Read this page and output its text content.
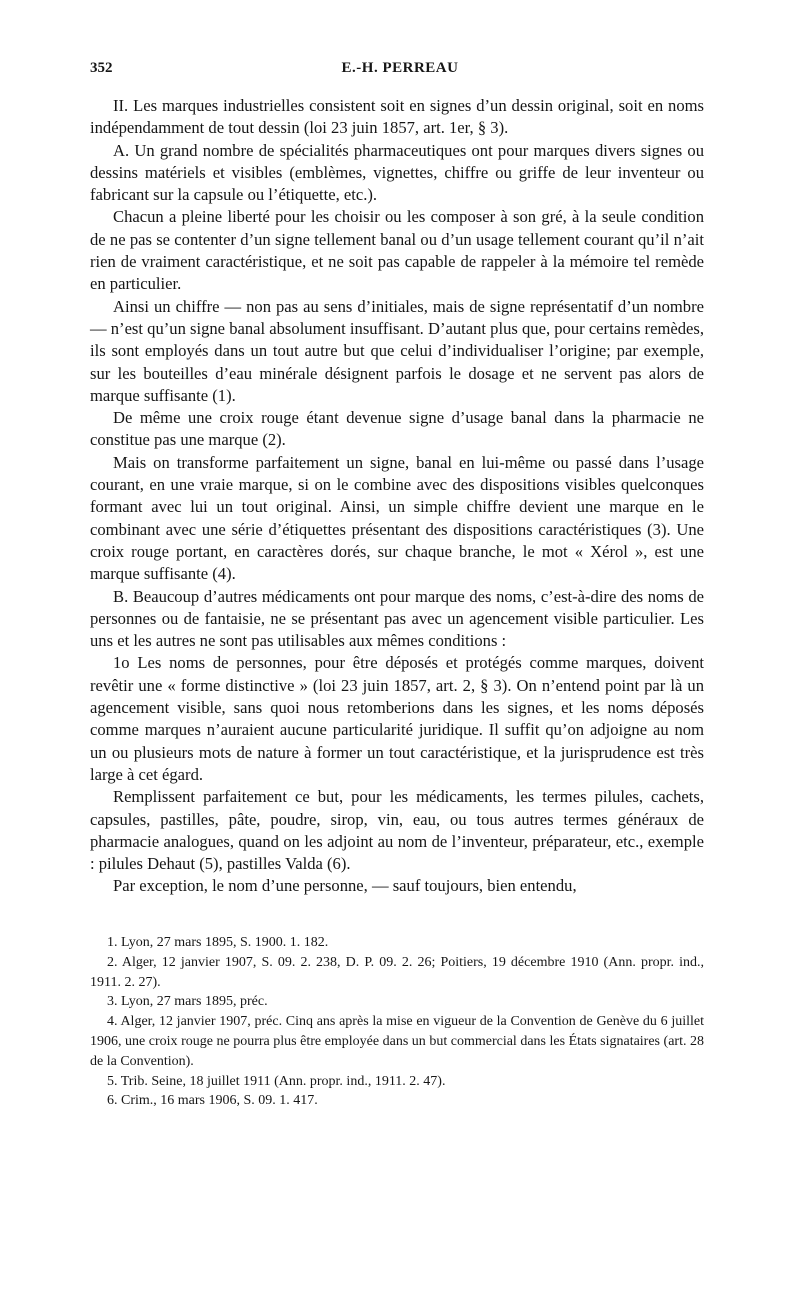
352	E.-H. PERREAU

II. Les marques industrielles consistent soit en signes d’un dessin original, soit en noms indépendamment de tout dessin (loi 23 juin 1857, art. 1er, § 3).

A. Un grand nombre de spécialités pharmaceutiques ont pour marques divers signes ou dessins matériels et visibles (emblèmes, vignettes, chiffre ou griffe de leur inventeur ou fabricant sur la capsule ou l’étiquette, etc.).

Chacun a pleine liberté pour les choisir ou les composer à son gré, à la seule condition de ne pas se contenter d’un signe tellement banal ou d’un usage tellement courant qu’il n’ait rien de vraiment caractéristique, et ne soit pas capable de rappeler à la mémoire tel remède en particulier.

Ainsi un chiffre — non pas au sens d’initiales, mais de signe représentatif d’un nombre — n’est qu’un signe banal absolument insuffisant. D’autant plus que, pour certains remèdes, ils sont employés dans un tout autre but que celui d’individualiser l’origine; par exemple, sur les bouteilles d’eau minérale désignent parfois le dosage et ne servent pas alors de marque suffisante (1).

De même une croix rouge étant devenue signe d’usage banal dans la pharmacie ne constitue pas une marque (2).

Mais on transforme parfaitement un signe, banal en lui-même ou passé dans l’usage courant, en une vraie marque, si on le combine avec des dispositions visibles quelconques formant avec lui un tout original. Ainsi, un simple chiffre devient une marque en le combinant avec une série d’étiquettes présentant des dispositions caractéristiques (3). Une croix rouge portant, en caractères dorés, sur chaque branche, le mot « Xérol », est une marque suffisante (4).

B. Beaucoup d’autres médicaments ont pour marque des noms, c’est-à-dire des noms de personnes ou de fantaisie, ne se présentant pas avec un agencement visible particulier. Les uns et les autres ne sont pas utilisables aux mêmes conditions :

1o Les noms de personnes, pour être déposés et protégés comme marques, doivent revêtir une « forme distinctive » (loi 23 juin 1857, art. 2, § 3). On n’entend point par là un agencement visible, sans quoi nous retomberions dans les signes, et les noms déposés comme marques n’auraient aucune particularité juridique. Il suffit qu’on adjoigne au nom un ou plusieurs mots de nature à former un tout caractéristique, et la jurisprudence est très large à cet égard.

Remplissent parfaitement ce but, pour les médicaments, les termes pilules, cachets, capsules, pastilles, pâte, poudre, sirop, vin, eau, ou tous autres termes généraux de pharmacie analogues, quand on les adjoint au nom de l’inventeur, préparateur, etc., exemple : pilules Dehaut (5), pastilles Valda (6).

Par exception, le nom d’une personne, — sauf toujours, bien entendu,

1. Lyon, 27 mars 1895, S. 1900. 1. 182.

2. Alger, 12 janvier 1907, S. 09. 2. 238, D. P. 09. 2. 26; Poitiers, 19 décembre 1910 (Ann. propr. ind., 1911. 2. 27).

3. Lyon, 27 mars 1895, préc.

4. Alger, 12 janvier 1907, préc. Cinq ans après la mise en vigueur de la Convention de Genève du 6 juillet 1906, une croix rouge ne pourra plus être employée dans un but commercial dans les États signataires (art. 28 de la Convention).

5. Trib. Seine, 18 juillet 1911 (Ann. propr. ind., 1911. 2. 47).

6. Crim., 16 mars 1906, S. 09. 1. 417.
